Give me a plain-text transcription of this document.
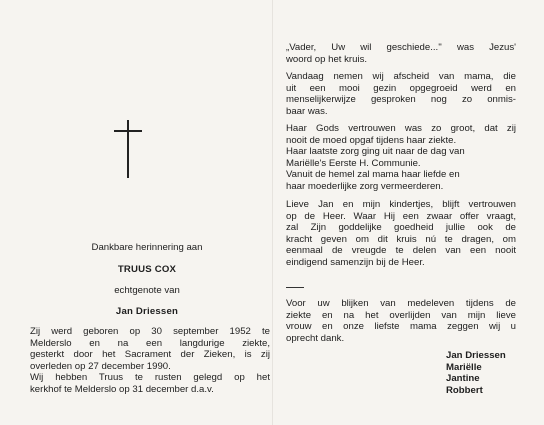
Dankbare herinnering aan
TRUUS COX
echtgenote van
Jan Driessen
Zij werd geboren op 30 september 1952 te
Melderslo en na een langdurige ziekte,
gesterkt door het Sacrament der Zieken, is zij
overleden op 27 december 1990.
Wij hebben Truus te rusten gelegd op het
kerkhof te Melderslo op 31 december d.a.v.
„Vader, Uw wil geschiede...'' was Jezus'
woord op het kruis.
Vandaag nemen wij afscheid van mama, die
uit een mooi gezin opgegroeid werd en
menselijkerwijze gesproken nog zo onmis-
baar was.
Haar Gods vertrouwen was zo groot, dat zij
nooit de moed opgaf tijdens haar ziekte.
Haar laatste zorg ging uit naar de dag van
Mariëlle's Eerste H. Communie.
Vanuit de hemel zal mama haar liefde en
haar moederlijke zorg vermeerderen.
Lieve Jan en mijn kindertjes, blijft vertrouwen
op de Heer. Waar Hij een zwaar offer vraagt,
zal Zijn goddelijke goedheid jullie ook de
kracht geven om dit kruis nú te dragen, om
eenmaal de vreugde te delen van een nooit
eindigend samenzijn bij de Heer.
Voor uw blijken van medeleven tijdens de
ziekte en na het overlijden van mijn lieve
vrouw en onze liefste mama zeggen wij u
oprecht dank.
Jan Driessen
Mariëlle
Jantine
Robbert
